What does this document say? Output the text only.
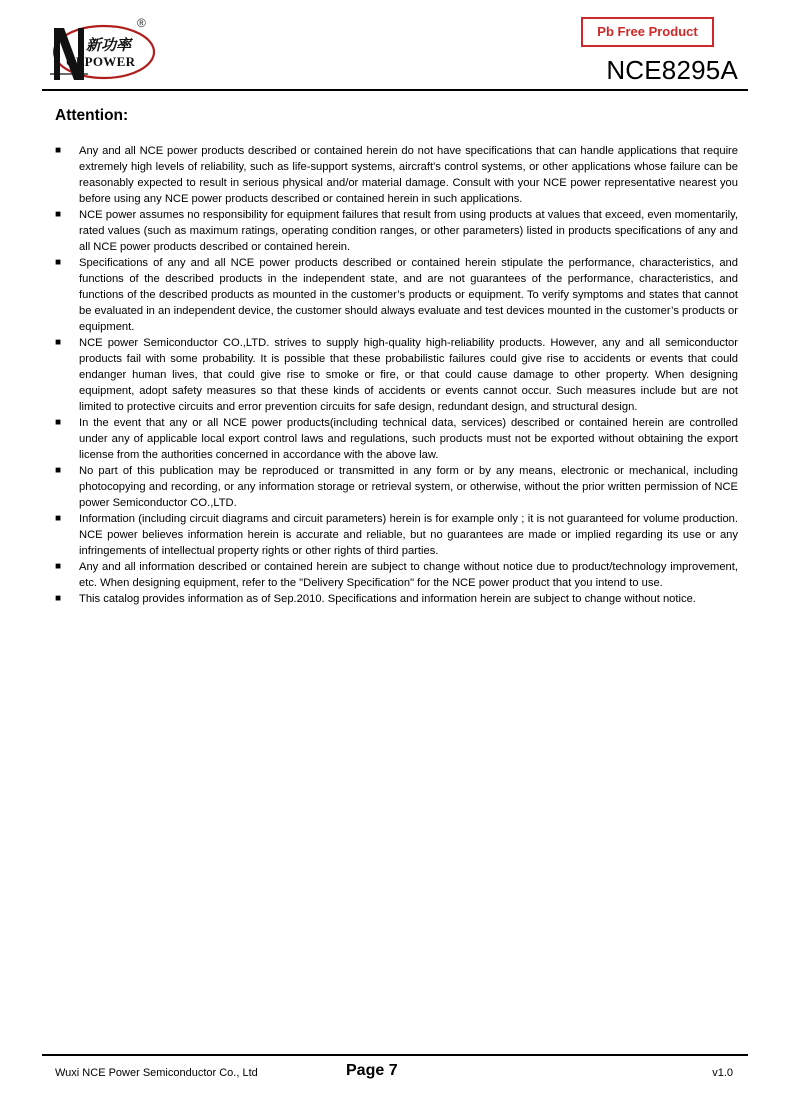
®
新功率
CEPOWER
Pb Free Product
NCE8295A
Attention:
■ Any and all NCE power products described or contained herein do not have specifications that can handle applications that require extremely high levels of reliability, such as life-support systems, aircraft's control systems, or other applications whose failure can be reasonably expected to result in serious physical and/or material damage. Consult with your NCE power representative nearest you before using any NCE power products described or contained herein in such applications.
■ NCE power assumes no responsibility for equipment failures that result from using products at values that exceed, even momentarily, rated values (such as maximum ratings, operating condition ranges, or other parameters) listed in products specifications of any and all NCE power products described or contained herein.
■ Specifications of any and all NCE power products described or contained herein stipulate the performance, characteristics, and functions of the described products in the independent state, and are not guarantees of the performance, characteristics, and functions of the described products as mounted in the customer’s products or equipment. To verify symptoms and states that cannot be evaluated in an independent device, the customer should always evaluate and test devices mounted in the customer’s products or equipment.
■ NCE power Semiconductor CO.,LTD. strives to supply high-quality high-reliability products. However, any and all semiconductor products fail with some probability. It is possible that these probabilistic failures could give rise to accidents or events that could endanger human lives, that could give rise to smoke or fire, or that could cause damage to other property. When designing equipment, adopt safety measures so that these kinds of accidents or events cannot occur. Such measures include but are not limited to protective circuits and error prevention circuits for safe design, redundant design, and structural design.
■ In the event that any or all NCE power products(including technical data, services) described or contained herein are controlled under any of applicable local export control laws and regulations, such products must not be exported without obtaining the export license from the authorities concerned in accordance with the above law.
■ No part of this publication may be reproduced or transmitted in any form or by any means, electronic or mechanical, including photocopying and recording, or any information storage or retrieval system, or otherwise, without the prior written permission of NCE power Semiconductor CO.,LTD.
■ Information (including circuit diagrams and circuit parameters) herein is for example only ; it is not guaranteed for volume production. NCE power believes information herein is accurate and reliable, but no guarantees are made or implied regarding its use or any infringements of intellectual property rights or other rights of third parties.
■ Any and all information described or contained herein are subject to change without notice due to product/technology improvement, etc. When designing equipment, refer to the "Delivery Specification" for the NCE power product that you intend to use.
■ This catalog provides information as of Sep.2010. Specifications and information herein are subject to change without notice.
Wuxi NCE Power Semiconductor Co., Ltd	Page 7	v1.0
